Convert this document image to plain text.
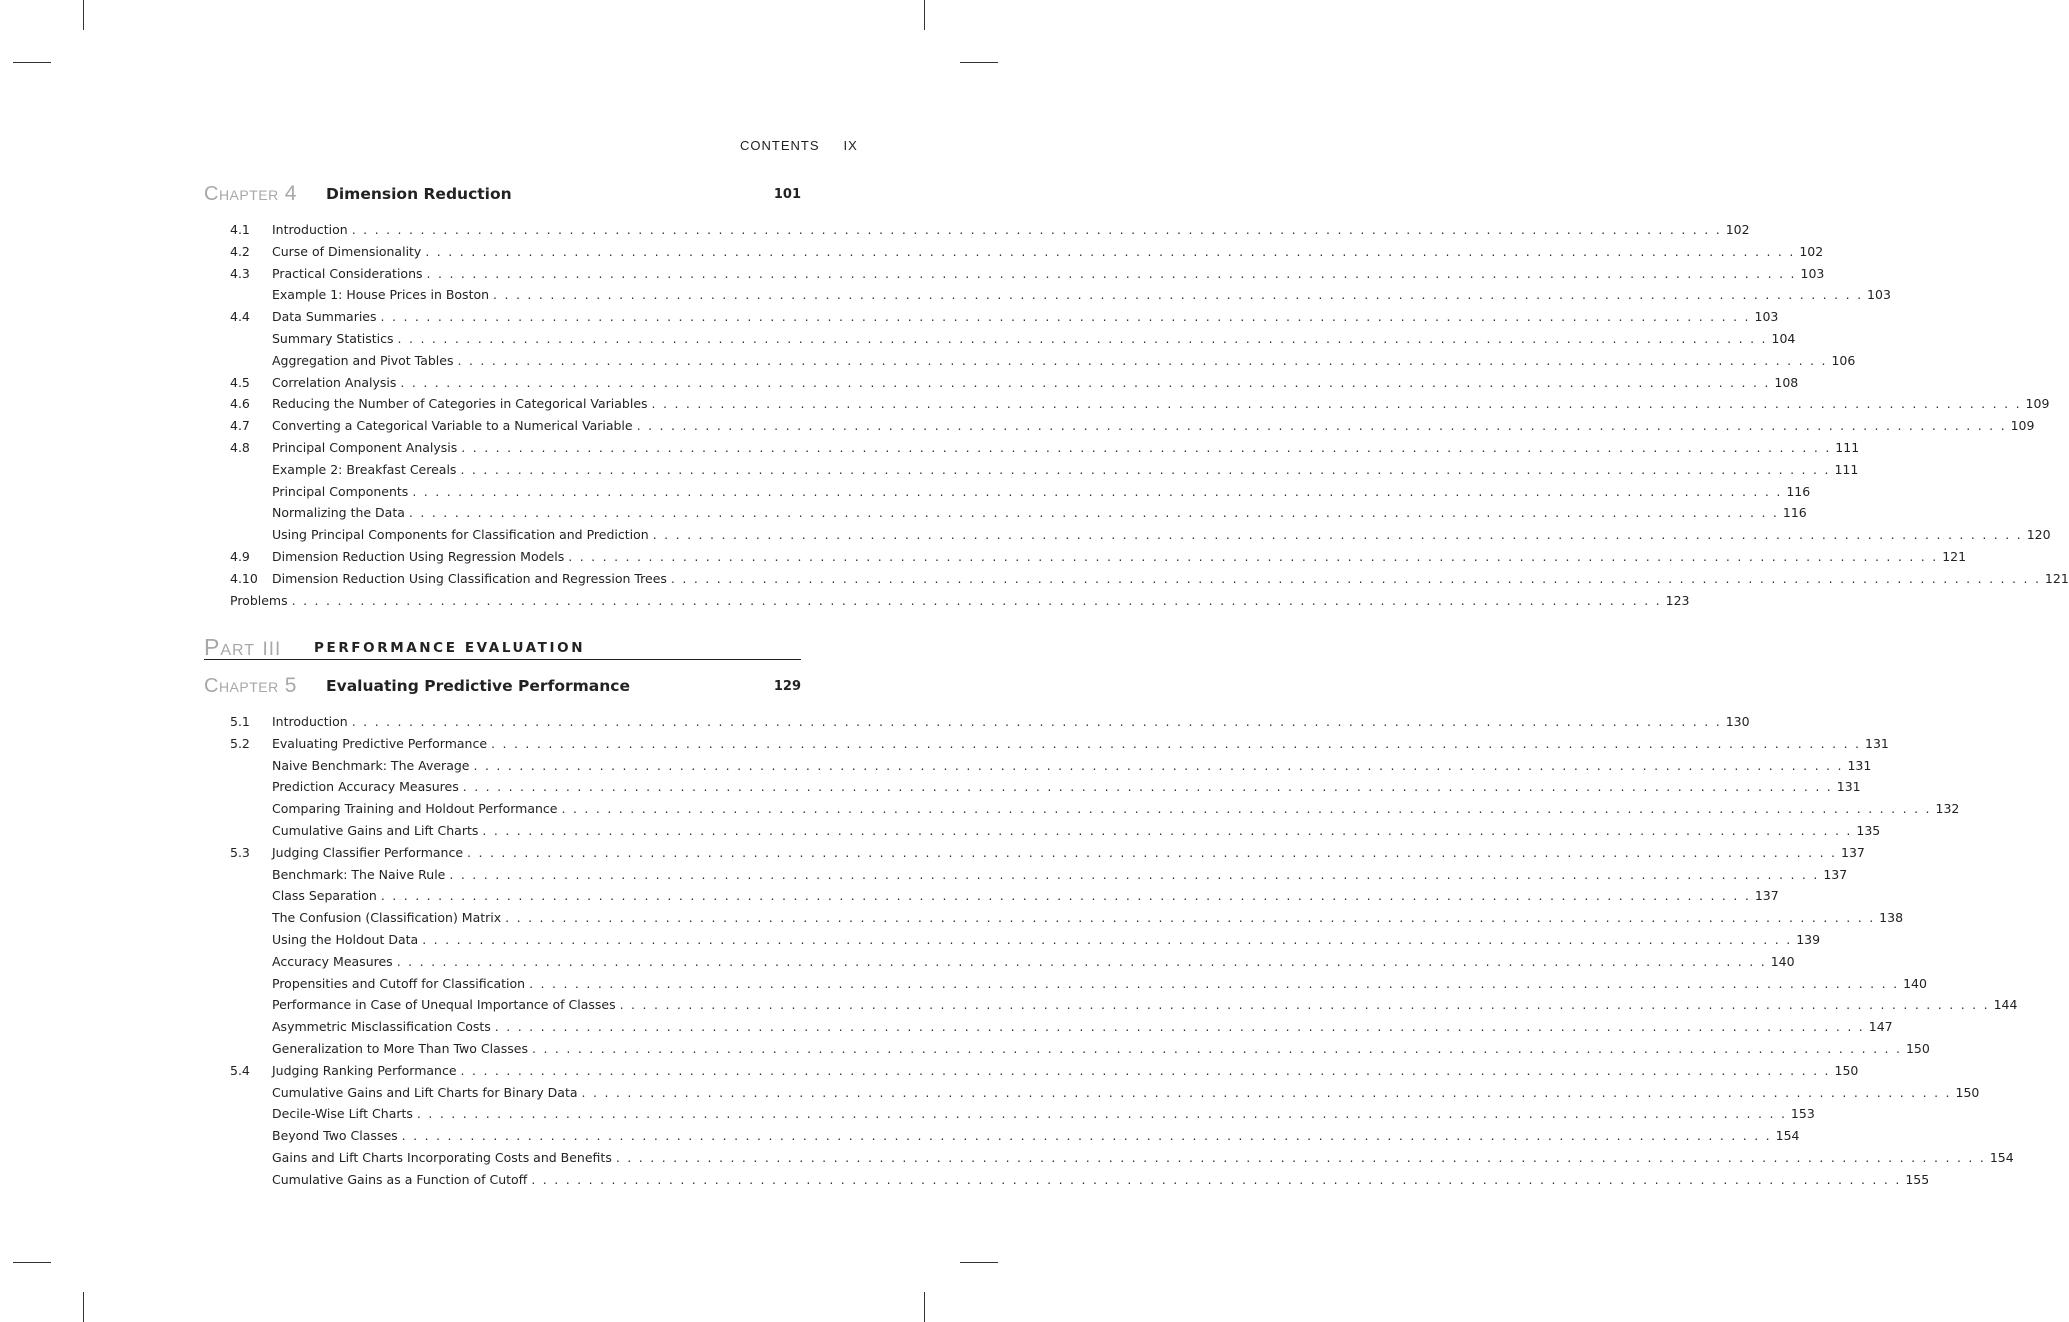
CONTENTS IX
Chapter 4 Dimension Reduction	101
4.1 Introduction .   .   .   .   .   .   .   .   .   .   .   .   .   .   .   .   .   .   .   .   .   .   .   .   .   .   .   .   .   .   .   .   .   .   .   .   .   .   .   .   .   .   .   .   .   .   .   .   .   .   .   .   .   .   .   .   .   .   .   .   .   .   .   .   .   .   .   .   .   .   .   .   .   .   .   .   .   .   .   .   .   .   .   .   .   .   .   .   .   .   .   .   .   .   .   .   .   .   .   .   .   .   .   .   .   .   .   .   .   .   .   .   .   .   .   .   .   .   .   . 102
4.2 Curse of Dimensionality .   .   .   .   .   .   .   .   .   .   .   .   .   .   .   .   .   .   .   .   .   .   .   .   .   .   .   .   .   .   .   .   .   .   .   .   .   .   .   .   .   .   .   .   .   .   .   .   .   .   .   .   .   .   .   .   .   .   .   .   .   .   .   .   .   .   .   .   .   .   .   .   .   .   .   .   .   .   .   .   .   .   .   .   .   .   .   .   .   .   .   .   .   .   .   .   .   .   .   .   .   .   .   .   .   .   .   .   .   .   .   .   .   .   .   .   .   .   .   . 102
4.3 Practical Considerations .   .   .   .   .   .   .   .   .   .   .   .   .   .   .   .   .   .   .   .   .   .   .   .   .   .   .   .   .   .   .   .   .   .   .   .   .   .   .   .   .   .   .   .   .   .   .   .   .   .   .   .   .   .   .   .   .   .   .   .   .   .   .   .   .   .   .   .   .   .   .   .   .   .   .   .   .   .   .   .   .   .   .   .   .   .   .   .   .   .   .   .   .   .   .   .   .   .   .   .   .   .   .   .   .   .   .   .   .   .   .   .   .   .   .   .   .   .   .   . 103
Example 1: House Prices in Boston .   .   .   .   .   .   .   .   .   .   .   .   .   .   .   .   .   .   .   .   .   .   .   .   .   .   .   .   .   .   .   .   .   .   .   .   .   .   .   .   .   .   .   .   .   .   .   .   .   .   .   .   .   .   .   .   .   .   .   .   .   .   .   .   .   .   .   .   .   .   .   .   .   .   .   .   .   .   .   .   .   .   .   .   .   .   .   .   .   .   .   .   .   .   .   .   .   .   .   .   .   .   .   .   .   .   .   .   .   .   .   .   .   .   .   .   .   .   .   . 103
4.4 Data Summaries .   .   .   .   .   .   .   .   .   .   .   .   .   .   .   .   .   .   .   .   .   .   .   .   .   .   .   .   .   .   .   .   .   .   .   .   .   .   .   .   .   .   .   .   .   .   .   .   .   .   .   .   .   .   .   .   .   .   .   .   .   .   .   .   .   .   .   .   .   .   .   .   .   .   .   .   .   .   .   .   .   .   .   .   .   .   .   .   .   .   .   .   .   .   .   .   .   .   .   .   .   .   .   .   .   .   .   .   .   .   .   .   .   .   .   .   .   .   .   . 103
Summary Statistics .   .   .   .   .   .   .   .   .   .   .   .   .   .   .   .   .   .   .   .   .   .   .   .   .   .   .   .   .   .   .   .   .   .   .   .   .   .   .   .   .   .   .   .   .   .   .   .   .   .   .   .   .   .   .   .   .   .   .   .   .   .   .   .   .   .   .   .   .   .   .   .   .   .   .   .   .   .   .   .   .   .   .   .   .   .   .   .   .   .   .   .   .   .   .   .   .   .   .   .   .   .   .   .   .   .   .   .   .   .   .   .   .   .   .   .   .   .   .   . 104
Aggregation and Pivot Tables .   .   .   .   .   .   .   .   .   .   .   .   .   .   .   .   .   .   .   .   .   .   .   .   .   .   .   .   .   .   .   .   .   .   .   .   .   .   .   .   .   .   .   .   .   .   .   .   .   .   .   .   .   .   .   .   .   .   .   .   .   .   .   .   .   .   .   .   .   .   .   .   .   .   .   .   .   .   .   .   .   .   .   .   .   .   .   .   .   .   .   .   .   .   .   .   .   .   .   .   .   .   .   .   .   .   .   .   .   .   .   .   .   .   .   .   .   .   .   . 106
4.5 Correlation Analysis .   .   .   .   .   .   .   .   .   .   .   .   .   .   .   .   .   .   .   .   .   .   .   .   .   .   .   .   .   .   .   .   .   .   .   .   .   .   .   .   .   .   .   .   .   .   .   .   .   .   .   .   .   .   .   .   .   .   .   .   .   .   .   .   .   .   .   .   .   .   .   .   .   .   .   .   .   .   .   .   .   .   .   .   .   .   .   .   .   .   .   .   .   .   .   .   .   .   .   .   .   .   .   .   .   .   .   .   .   .   .   .   .   .   .   .   .   .   .   . 108
4.6 Reducing the Number of Categories in Categorical Variables .   .   .   .   .   .   .   .   .   .   .   .   .   .   .   .   .   .   .   .   .   .   .   .   .   .   .   .   .   .   .   .   .   .   .   .   .   .   .   .   .   .   .   .   .   .   .   .   .   .   .   .   .   .   .   .   .   .   .   .   .   .   .   .   .   .   .   .   .   .   .   .   .   .   .   .   .   .   .   .   .   .   .   .   .   .   .   .   .   .   .   .   .   .   .   .   .   .   .   .   .   .   .   .   .   .   .   .   .   .   .   .   .   .   .   .   .   .   .   . 109
4.7 Converting a Categorical Variable to a Numerical Variable .   .   .   .   .   .   .   .   .   .   .   .   .   .   .   .   .   .   .   .   .   .   .   .   .   .   .   .   .   .   .   .   .   .   .   .   .   .   .   .   .   .   .   .   .   .   .   .   .   .   .   .   .   .   .   .   .   .   .   .   .   .   .   .   .   .   .   .   .   .   .   .   .   .   .   .   .   .   .   .   .   .   .   .   .   .   .   .   .   .   .   .   .   .   .   .   .   .   .   .   .   .   .   .   .   .   .   .   .   .   .   .   .   .   .   .   .   .   .   . 109
4.8 Principal Component Analysis .   .   .   .   .   .   .   .   .   .   .   .   .   .   .   .   .   .   .   .   .   .   .   .   .   .   .   .   .   .   .   .   .   .   .   .   .   .   .   .   .   .   .   .   .   .   .   .   .   .   .   .   .   .   .   .   .   .   .   .   .   .   .   .   .   .   .   .   .   .   .   .   .   .   .   .   .   .   .   .   .   .   .   .   .   .   .   .   .   .   .   .   .   .   .   .   .   .   .   .   .   .   .   .   .   .   .   .   .   .   .   .   .   .   .   .   .   .   .   . 111
Example 2: Breakfast Cereals .   .   .   .   .   .   .   .   .   .   .   .   .   .   .   .   .   .   .   .   .   .   .   .   .   .   .   .   .   .   .   .   .   .   .   .   .   .   .   .   .   .   .   .   .   .   .   .   .   .   .   .   .   .   .   .   .   .   .   .   .   .   .   .   .   .   .   .   .   .   .   .   .   .   .   .   .   .   .   .   .   .   .   .   .   .   .   .   .   .   .   .   .   .   .   .   .   .   .   .   .   .   .   .   .   .   .   .   .   .   .   .   .   .   .   .   .   .   .   . 111
Principal Components .   .   .   .   .   .   .   .   .   .   .   .   .   .   .   .   .   .   .   .   .   .   .   .   .   .   .   .   .   .   .   .   .   .   .   .   .   .   .   .   .   .   .   .   .   .   .   .   .   .   .   .   .   .   .   .   .   .   .   .   .   .   .   .   .   .   .   .   .   .   .   .   .   .   .   .   .   .   .   .   .   .   .   .   .   .   .   .   .   .   .   .   .   .   .   .   .   .   .   .   .   .   .   .   .   .   .   .   .   .   .   .   .   .   .   .   .   .   .   . 116
Normalizing the Data .   .   .   .   .   .   .   .   .   .   .   .   .   .   .   .   .   .   .   .   .   .   .   .   .   .   .   .   .   .   .   .   .   .   .   .   .   .   .   .   .   .   .   .   .   .   .   .   .   .   .   .   .   .   .   .   .   .   .   .   .   .   .   .   .   .   .   .   .   .   .   .   .   .   .   .   .   .   .   .   .   .   .   .   .   .   .   .   .   .   .   .   .   .   .   .   .   .   .   .   .   .   .   .   .   .   .   .   .   .   .   .   .   .   .   .   .   .   .   . 116
Using Principal Components for Classification and Prediction .   .   .   .   .   .   .   .   .   .   .   .   .   .   .   .   .   .   .   .   .   .   .   .   .   .   .   .   .   .   .   .   .   .   .   .   .   .   .   .   .   .   .   .   .   .   .   .   .   .   .   .   .   .   .   .   .   .   .   .   .   .   .   .   .   .   .   .   .   .   .   .   .   .   .   .   .   .   .   .   .   .   .   .   .   .   .   .   .   .   .   .   .   .   .   .   .   .   .   .   .   .   .   .   .   .   .   .   .   .   .   .   .   .   .   .   .   .   .   . 120
4.9 Dimension Reduction Using Regression Models .   .   .   .   .   .   .   .   .   .   .   .   .   .   .   .   .   .   .   .   .   .   .   .   .   .   .   .   .   .   .   .   .   .   .   .   .   .   .   .   .   .   .   .   .   .   .   .   .   .   .   .   .   .   .   .   .   .   .   .   .   .   .   .   .   .   .   .   .   .   .   .   .   .   .   .   .   .   .   .   .   .   .   .   .   .   .   .   .   .   .   .   .   .   .   .   .   .   .   .   .   .   .   .   .   .   .   .   .   .   .   .   .   .   .   .   .   .   .   . 121
4.10 Dimension Reduction Using Classification and Regression Trees .   .   .   .   .   .   .   .   .   .   .   .   .   .   .   .   .   .   .   .   .   .   .   .   .   .   .   .   .   .   .   .   .   .   .   .   .   .   .   .   .   .   .   .   .   .   .   .   .   .   .   .   .   .   .   .   .   .   .   .   .   .   .   .   .   .   .   .   .   .   .   .   .   .   .   .   .   .   .   .   .   .   .   .   .   .   .   .   .   .   .   .   .   .   .   .   .   .   .   .   .   .   .   .   .   .   .   .   .   .   .   .   .   .   .   .   .   .   .   . 121
Problems .   .   .   .   .   .   .   .   .   .   .   .   .   .   .   .   .   .   .   .   .   .   .   .   .   .   .   .   .   .   .   .   .   .   .   .   .   .   .   .   .   .   .   .   .   .   .   .   .   .   .   .   .   .   .   .   .   .   .   .   .   .   .   .   .   .   .   .   .   .   .   .   .   .   .   .   .   .   .   .   .   .   .   .   .   .   .   .   .   .   .   .   .   .   .   .   .   .   .   .   .   .   .   .   .   .   .   .   .   .   .   .   .   .   .   .   .   .   .   . 123
Part III PERFORMANCE EVALUATION
Chapter 5 Evaluating Predictive Performance	129
5.1 Introduction .   .   .   .   .   .   .   .   .   .   .   .   .   .   .   .   .   .   .   .   .   .   .   .   .   .   .   .   .   .   .   .   .   .   .   .   .   .   .   .   .   .   .   .   .   .   .   .   .   .   .   .   .   .   .   .   .   .   .   .   .   .   .   .   .   .   .   .   .   .   .   .   .   .   .   .   .   .   .   .   .   .   .   .   .   .   .   .   .   .   .   .   .   .   .   .   .   .   .   .   .   .   .   .   .   .   .   .   .   .   .   .   .   .   .   .   .   .   .   . 130
5.2 Evaluating Predictive Performance .   .   .   .   .   .   .   .   .   .   .   .   .   .   .   .   .   .   .   .   .   .   .   .   .   .   .   .   .   .   .   .   .   .   .   .   .   .   .   .   .   .   .   .   .   .   .   .   .   .   .   .   .   .   .   .   .   .   .   .   .   .   .   .   .   .   .   .   .   .   .   .   .   .   .   .   .   .   .   .   .   .   .   .   .   .   .   .   .   .   .   .   .   .   .   .   .   .   .   .   .   .   .   .   .   .   .   .   .   .   .   .   .   .   .   .   .   .   .   . 131
Naive Benchmark: The Average .   .   .   .   .   .   .   .   .   .   .   .   .   .   .   .   .   .   .   .   .   .   .   .   .   .   .   .   .   .   .   .   .   .   .   .   .   .   .   .   .   .   .   .   .   .   .   .   .   .   .   .   .   .   .   .   .   .   .   .   .   .   .   .   .   .   .   .   .   .   .   .   .   .   .   .   .   .   .   .   .   .   .   .   .   .   .   .   .   .   .   .   .   .   .   .   .   .   .   .   .   .   .   .   .   .   .   .   .   .   .   .   .   .   .   .   .   .   .   . 131
Prediction Accuracy Measures .   .   .   .   .   .   .   .   .   .   .   .   .   .   .   .   .   .   .   .   .   .   .   .   .   .   .   .   .   .   .   .   .   .   .   .   .   .   .   .   .   .   .   .   .   .   .   .   .   .   .   .   .   .   .   .   .   .   .   .   .   .   .   .   .   .   .   .   .   .   .   .   .   .   .   .   .   .   .   .   .   .   .   .   .   .   .   .   .   .   .   .   .   .   .   .   .   .   .   .   .   .   .   .   .   .   .   .   .   .   .   .   .   .   .   .   .   .   .   . 131
Comparing Training and Holdout Performance .   .   .   .   .   .   .   .   .   .   .   .   .   .   .   .   .   .   .   .   .   .   .   .   .   .   .   .   .   .   .   .   .   .   .   .   .   .   .   .   .   .   .   .   .   .   .   .   .   .   .   .   .   .   .   .   .   .   .   .   .   .   .   .   .   .   .   .   .   .   .   .   .   .   .   .   .   .   .   .   .   .   .   .   .   .   .   .   .   .   .   .   .   .   .   .   .   .   .   .   .   .   .   .   .   .   .   .   .   .   .   .   .   .   .   .   .   .   .   . 132
Cumulative Gains and Lift Charts .   .   .   .   .   .   .   .   .   .   .   .   .   .   .   .   .   .   .   .   .   .   .   .   .   .   .   .   .   .   .   .   .   .   .   .   .   .   .   .   .   .   .   .   .   .   .   .   .   .   .   .   .   .   .   .   .   .   .   .   .   .   .   .   .   .   .   .   .   .   .   .   .   .   .   .   .   .   .   .   .   .   .   .   .   .   .   .   .   .   .   .   .   .   .   .   .   .   .   .   .   .   .   .   .   .   .   .   .   .   .   .   .   .   .   .   .   .   .   . 135
5.3 Judging Classifier Performance .   .   .   .   .   .   .   .   .   .   .   .   .   .   .   .   .   .   .   .   .   .   .   .   .   .   .   .   .   .   .   .   .   .   .   .   .   .   .   .   .   .   .   .   .   .   .   .   .   .   .   .   .   .   .   .   .   .   .   .   .   .   .   .   .   .   .   .   .   .   .   .   .   .   .   .   .   .   .   .   .   .   .   .   .   .   .   .   .   .   .   .   .   .   .   .   .   .   .   .   .   .   .   .   .   .   .   .   .   .   .   .   .   .   .   .   .   .   .   . 137
Benchmark: The Naive Rule .   .   .   .   .   .   .   .   .   .   .   .   .   .   .   .   .   .   .   .   .   .   .   .   .   .   .   .   .   .   .   .   .   .   .   .   .   .   .   .   .   .   .   .   .   .   .   .   .   .   .   .   .   .   .   .   .   .   .   .   .   .   .   .   .   .   .   .   .   .   .   .   .   .   .   .   .   .   .   .   .   .   .   .   .   .   .   .   .   .   .   .   .   .   .   .   .   .   .   .   .   .   .   .   .   .   .   .   .   .   .   .   .   .   .   .   .   .   .   . 137
Class Separation .   .   .   .   .   .   .   .   .   .   .   .   .   .   .   .   .   .   .   .   .   .   .   .   .   .   .   .   .   .   .   .   .   .   .   .   .   .   .   .   .   .   .   .   .   .   .   .   .   .   .   .   .   .   .   .   .   .   .   .   .   .   .   .   .   .   .   .   .   .   .   .   .   .   .   .   .   .   .   .   .   .   .   .   .   .   .   .   .   .   .   .   .   .   .   .   .   .   .   .   .   .   .   .   .   .   .   .   .   .   .   .   .   .   .   .   .   .   .   . 137
The Confusion (Classification) Matrix .   .   .   .   .   .   .   .   .   .   .   .   .   .   .   .   .   .   .   .   .   .   .   .   .   .   .   .   .   .   .   .   .   .   .   .   .   .   .   .   .   .   .   .   .   .   .   .   .   .   .   .   .   .   .   .   .   .   .   .   .   .   .   .   .   .   .   .   .   .   .   .   .   .   .   .   .   .   .   .   .   .   .   .   .   .   .   .   .   .   .   .   .   .   .   .   .   .   .   .   .   .   .   .   .   .   .   .   .   .   .   .   .   .   .   .   .   .   .   . 138
Using the Holdout Data .   .   .   .   .   .   .   .   .   .   .   .   .   .   .   .   .   .   .   .   .   .   .   .   .   .   .   .   .   .   .   .   .   .   .   .   .   .   .   .   .   .   .   .   .   .   .   .   .   .   .   .   .   .   .   .   .   .   .   .   .   .   .   .   .   .   .   .   .   .   .   .   .   .   .   .   .   .   .   .   .   .   .   .   .   .   .   .   .   .   .   .   .   .   .   .   .   .   .   .   .   .   .   .   .   .   .   .   .   .   .   .   .   .   .   .   .   .   .   . 139
Accuracy Measures .   .   .   .   .   .   .   .   .   .   .   .   .   .   .   .   .   .   .   .   .   .   .   .   .   .   .   .   .   .   .   .   .   .   .   .   .   .   .   .   .   .   .   .   .   .   .   .   .   .   .   .   .   .   .   .   .   .   .   .   .   .   .   .   .   .   .   .   .   .   .   .   .   .   .   .   .   .   .   .   .   .   .   .   .   .   .   .   .   .   .   .   .   .   .   .   .   .   .   .   .   .   .   .   .   .   .   .   .   .   .   .   .   .   .   .   .   .   .   . 140
Propensities and Cutoff for Classification .   .   .   .   .   .   .   .   .   .   .   .   .   .   .   .   .   .   .   .   .   .   .   .   .   .   .   .   .   .   .   .   .   .   .   .   .   .   .   .   .   .   .   .   .   .   .   .   .   .   .   .   .   .   .   .   .   .   .   .   .   .   .   .   .   .   .   .   .   .   .   .   .   .   .   .   .   .   .   .   .   .   .   .   .   .   .   .   .   .   .   .   .   .   .   .   .   .   .   .   .   .   .   .   .   .   .   .   .   .   .   .   .   .   .   .   .   .   .   . 140
Performance in Case of Unequal Importance of Classes .   .   .   .   .   .   .   .   .   .   .   .   .   .   .   .   .   .   .   .   .   .   .   .   .   .   .   .   .   .   .   .   .   .   .   .   .   .   .   .   .   .   .   .   .   .   .   .   .   .   .   .   .   .   .   .   .   .   .   .   .   .   .   .   .   .   .   .   .   .   .   .   .   .   .   .   .   .   .   .   .   .   .   .   .   .   .   .   .   .   .   .   .   .   .   .   .   .   .   .   .   .   .   .   .   .   .   .   .   .   .   .   .   .   .   .   .   .   .   . 144
Asymmetric Misclassification Costs .   .   .   .   .   .   .   .   .   .   .   .   .   .   .   .   .   .   .   .   .   .   .   .   .   .   .   .   .   .   .   .   .   .   .   .   .   .   .   .   .   .   .   .   .   .   .   .   .   .   .   .   .   .   .   .   .   .   .   .   .   .   .   .   .   .   .   .   .   .   .   .   .   .   .   .   .   .   .   .   .   .   .   .   .   .   .   .   .   .   .   .   .   .   .   .   .   .   .   .   .   .   .   .   .   .   .   .   .   .   .   .   .   .   .   .   .   .   .   . 147
Generalization to More Than Two Classes .   .   .   .   .   .   .   .   .   .   .   .   .   .   .   .   .   .   .   .   .   .   .   .   .   .   .   .   .   .   .   .   .   .   .   .   .   .   .   .   .   .   .   .   .   .   .   .   .   .   .   .   .   .   .   .   .   .   .   .   .   .   .   .   .   .   .   .   .   .   .   .   .   .   .   .   .   .   .   .   .   .   .   .   .   .   .   .   .   .   .   .   .   .   .   .   .   .   .   .   .   .   .   .   .   .   .   .   .   .   .   .   .   .   .   .   .   .   .   . 150
5.4 Judging Ranking Performance .   .   .   .   .   .   .   .   .   .   .   .   .   .   .   .   .   .   .   .   .   .   .   .   .   .   .   .   .   .   .   .   .   .   .   .   .   .   .   .   .   .   .   .   .   .   .   .   .   .   .   .   .   .   .   .   .   .   .   .   .   .   .   .   .   .   .   .   .   .   .   .   .   .   .   .   .   .   .   .   .   .   .   .   .   .   .   .   .   .   .   .   .   .   .   .   .   .   .   .   .   .   .   .   .   .   .   .   .   .   .   .   .   .   .   .   .   .   .   . 150
Cumulative Gains and Lift Charts for Binary Data .   .   .   .   .   .   .   .   .   .   .   .   .   .   .   .   .   .   .   .   .   .   .   .   .   .   .   .   .   .   .   .   .   .   .   .   .   .   .   .   .   .   .   .   .   .   .   .   .   .   .   .   .   .   .   .   .   .   .   .   .   .   .   .   .   .   .   .   .   .   .   .   .   .   .   .   .   .   .   .   .   .   .   .   .   .   .   .   .   .   .   .   .   .   .   .   .   .   .   .   .   .   .   .   .   .   .   .   .   .   .   .   .   .   .   .   .   .   .   . 150
Decile-Wise Lift Charts .   .   .   .   .   .   .   .   .   .   .   .   .   .   .   .   .   .   .   .   .   .   .   .   .   .   .   .   .   .   .   .   .   .   .   .   .   .   .   .   .   .   .   .   .   .   .   .   .   .   .   .   .   .   .   .   .   .   .   .   .   .   .   .   .   .   .   .   .   .   .   .   .   .   .   .   .   .   .   .   .   .   .   .   .   .   .   .   .   .   .   .   .   .   .   .   .   .   .   .   .   .   .   .   .   .   .   .   .   .   .   .   .   .   .   .   .   .   .   . 153
Beyond Two Classes .   .   .   .   .   .   .   .   .   .   .   .   .   .   .   .   .   .   .   .   .   .   .   .   .   .   .   .   .   .   .   .   .   .   .   .   .   .   .   .   .   .   .   .   .   .   .   .   .   .   .   .   .   .   .   .   .   .   .   .   .   .   .   .   .   .   .   .   .   .   .   .   .   .   .   .   .   .   .   .   .   .   .   .   .   .   .   .   .   .   .   .   .   .   .   .   .   .   .   .   .   .   .   .   .   .   .   .   .   .   .   .   .   .   .   .   .   .   .   . 154
Gains and Lift Charts Incorporating Costs and Benefits .   .   .   .   .   .   .   .   .   .   .   .   .   .   .   .   .   .   .   .   .   .   .   .   .   .   .   .   .   .   .   .   .   .   .   .   .   .   .   .   .   .   .   .   .   .   .   .   .   .   .   .   .   .   .   .   .   .   .   .   .   .   .   .   .   .   .   .   .   .   .   .   .   .   .   .   .   .   .   .   .   .   .   .   .   .   .   .   .   .   .   .   .   .   .   .   .   .   .   .   .   .   .   .   .   .   .   .   .   .   .   .   .   .   .   .   .   .   .   . 154
Cumulative Gains as a Function of Cutoff .   .   .   .   .   .   .   .   .   .   .   .   .   .   .   .   .   .   .   .   .   .   .   .   .   .   .   .   .   .   .   .   .   .   .   .   .   .   .   .   .   .   .   .   .   .   .   .   .   .   .   .   .   .   .   .   .   .   .   .   .   .   .   .   .   .   .   .   .   .   .   .   .   .   .   .   .   .   .   .   .   .   .   .   .   .   .   .   .   .   .   .   .   .   .   .   .   .   .   .   .   .   .   .   .   .   .   .   .   .   .   .   .   .   .   .   .   .   .   . 155
